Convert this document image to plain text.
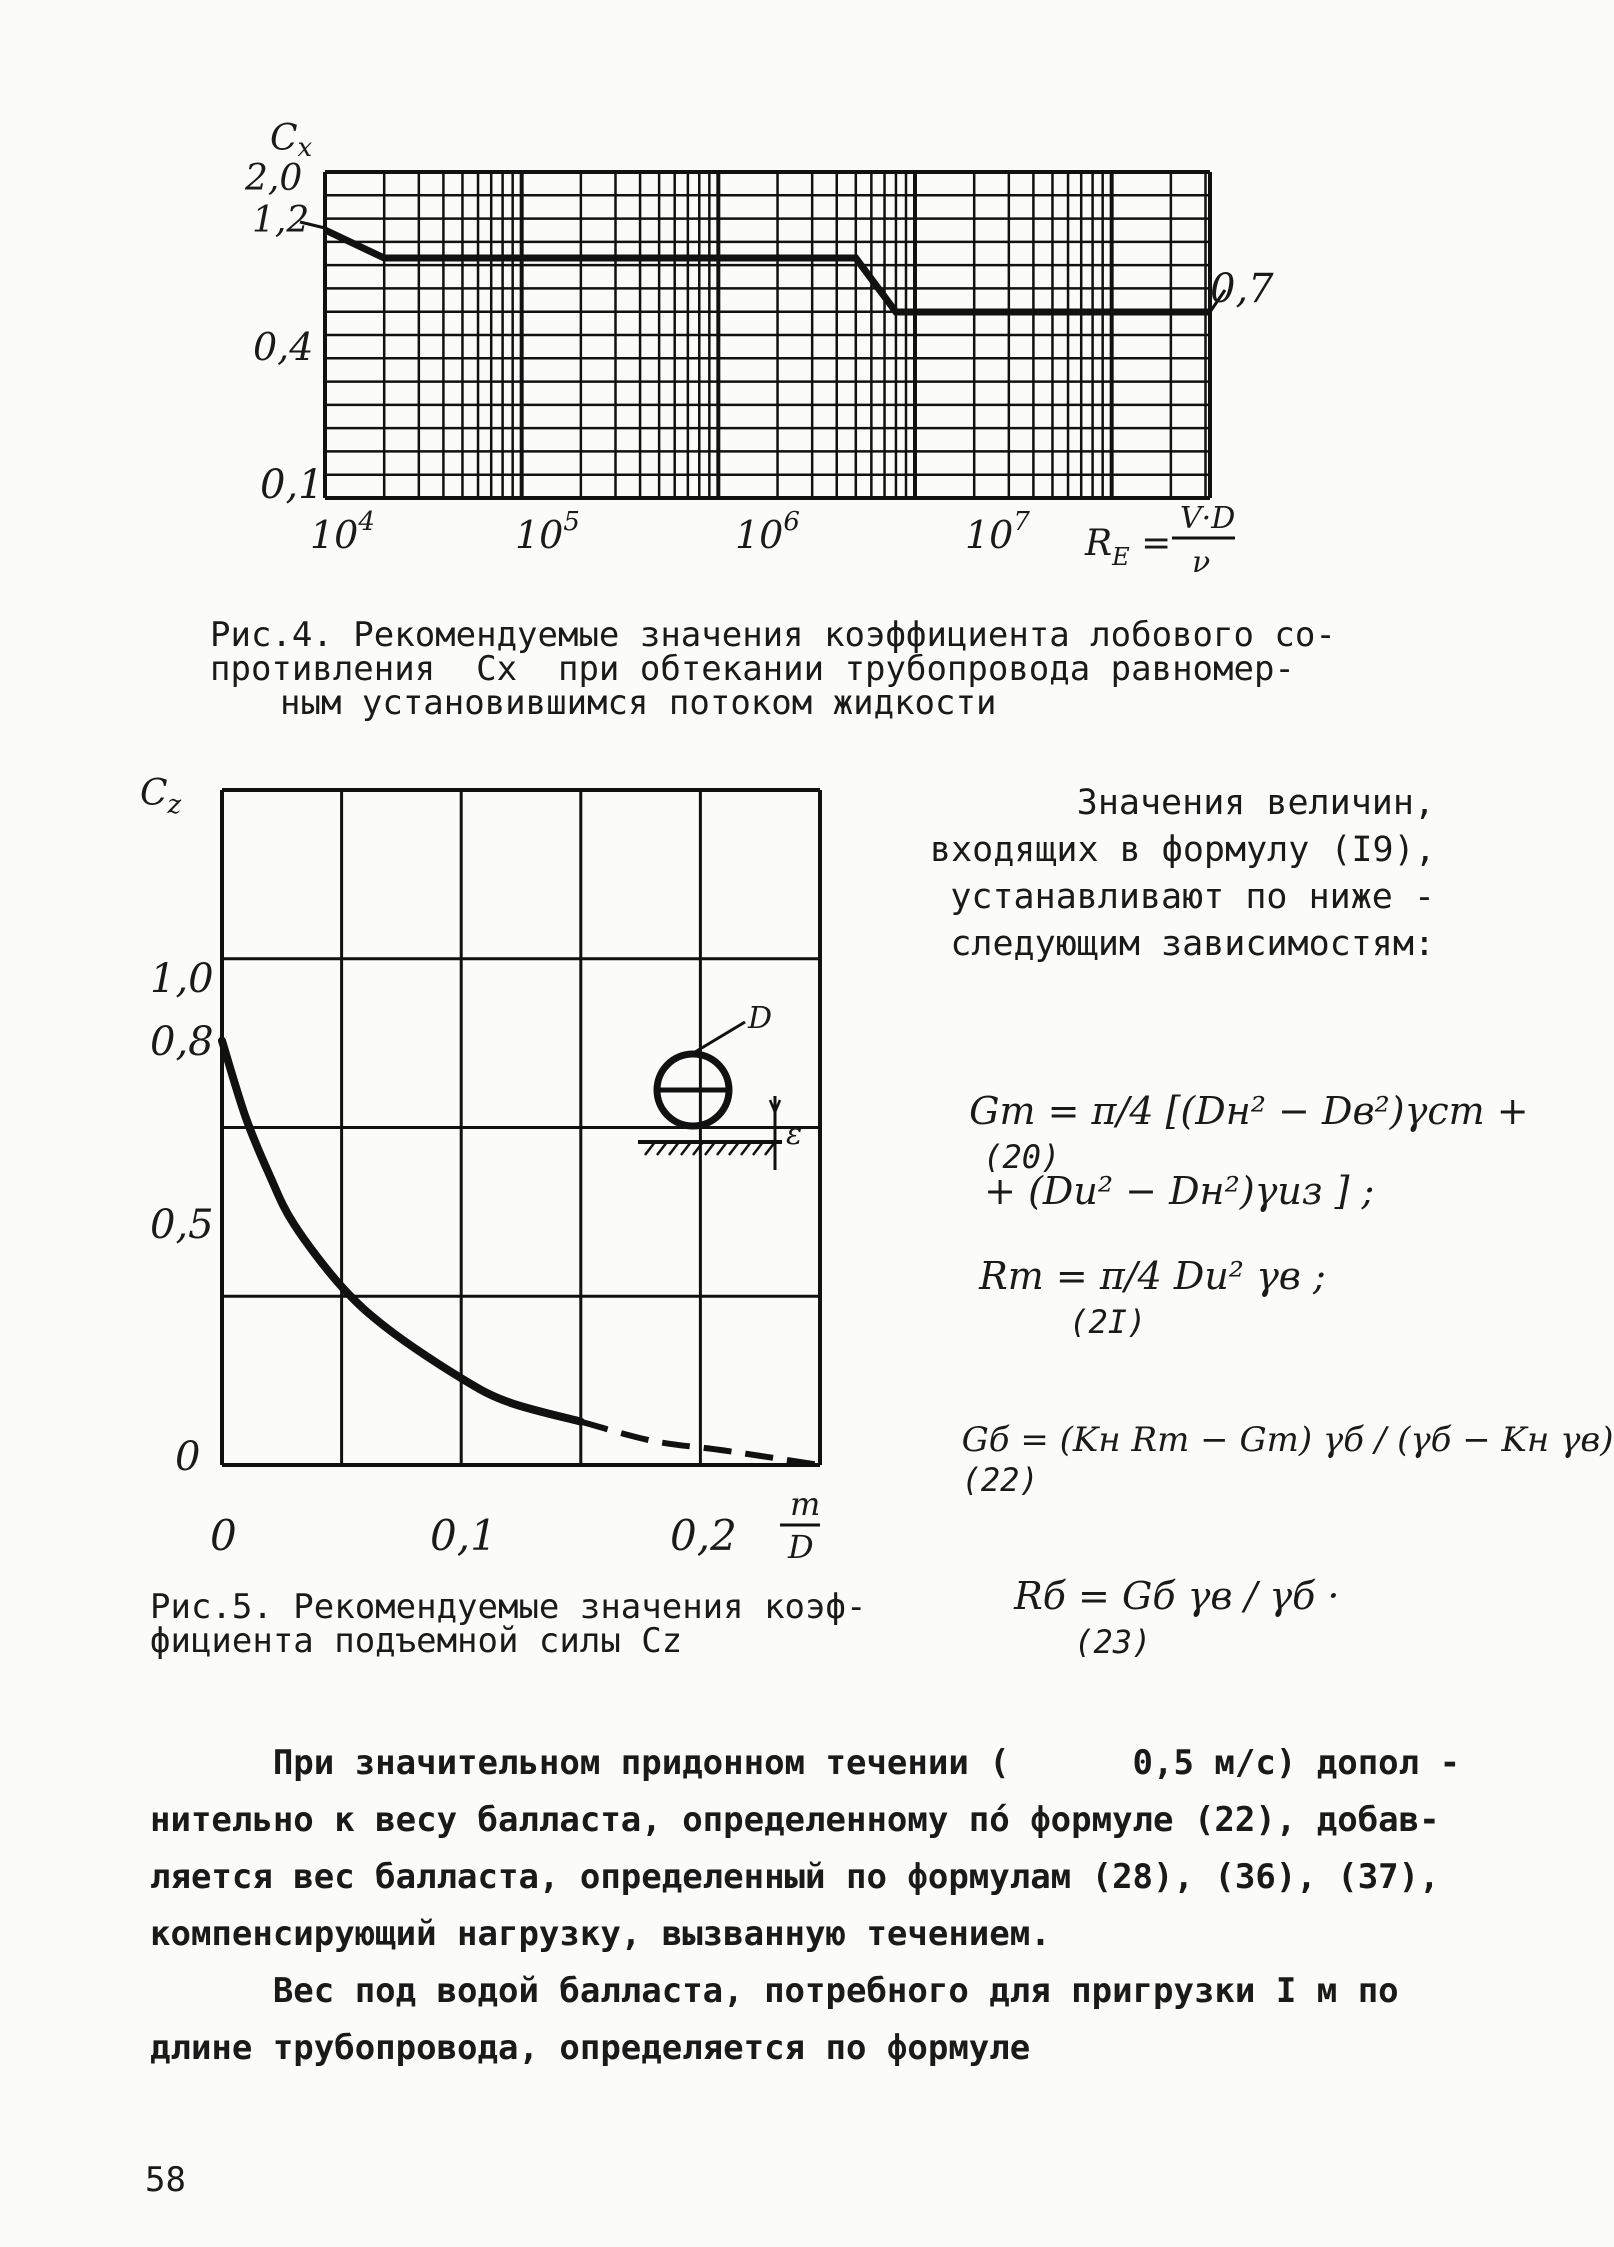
Cx
2,0
1,2
0,4
0,1
$10^4$	$10^5$	$10^6$	$10^7$
0,7
$R_E$ =
V·D
ν
Рис.4. Рекомендуемые значения коэффициента лобового со-
противления  Cx  при обтекании трубопровода равномер-
ным установившимся потоком жидкости
$C_z$
1,0
0,8
0,5
0
0	0,1	0,2
m
D
D
ε
Рис.5. Рекомендуемые значения коэф-
фициента подъемной силы Cz
Значения величин,
входящих в формулу (I9),
устанавливают по ниже -
следующим зависимостям:

Gт = π/4 [(Dн² − Dв²)γст +
(20)

+ (Dи² − Dн²)γиз ] ;

Rт = π/4 Dи² γв ;
(2I)

Gб = (Kн Rт − Gт) γб / (γб − Kн γв)
(22)

Rб = Gб γв / γб ·
(23)

При значительном придонном течении (      0,5 м/с) допол -
нительно к весу балласта, определенному пó формуле (22), добав-
ляется вес балласта, определенный по формулам (28), (36), (37),
компенсирующий нагрузку, вызванную течением.
Вес под водой балласта, потребного для пригрузки I м по
длине трубопровода, определяется по формуле
58
